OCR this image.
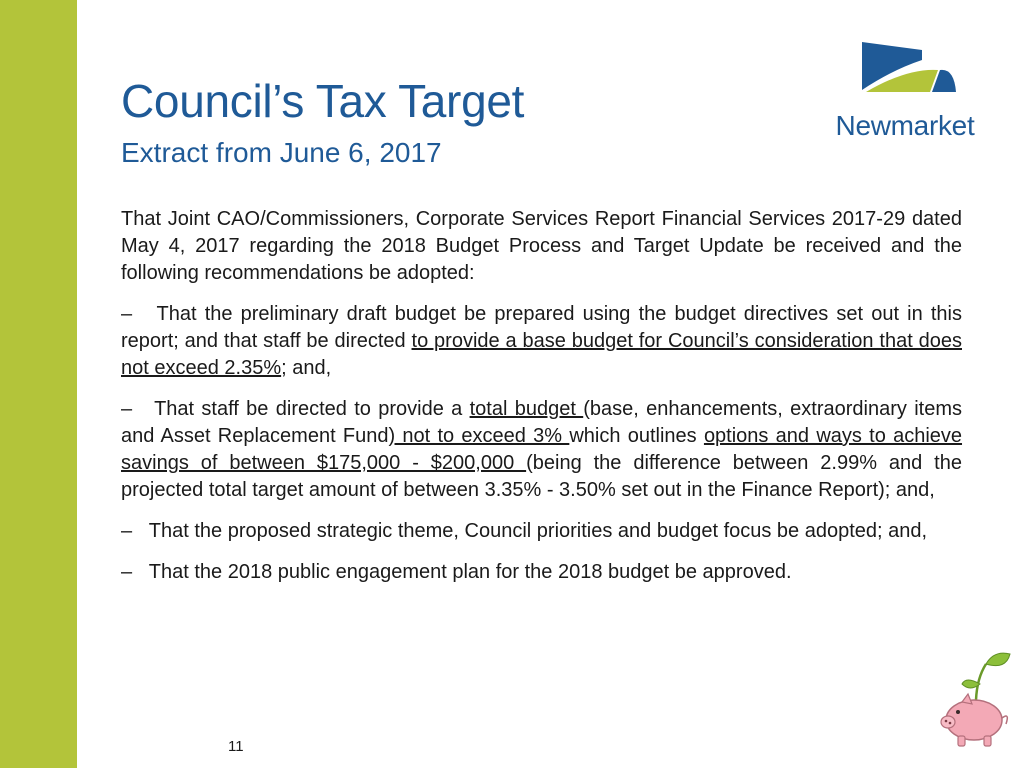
Council’s Tax Target
Extract from June 6, 2017
Newmarket

That Joint CAO/Commissioners, Corporate Services Report Financial Services 2017-29 dated May 4, 2017 regarding the 2018 Budget Process and Target Update be received and the following recommendations be adopted:

– That the preliminary draft budget be prepared using the budget directives set out in this report; and that staff be directed to provide a base budget for Council’s consideration that does not exceed 2.35%; and,

– That staff be directed to provide a total budget (base, enhancements, extraordinary items and Asset Replacement Fund) not to exceed 3% which outlines options and ways to achieve savings of between $175,000 - $200,000 (being the difference between 2.99% and the projected total target amount of between 3.35% - 3.50% set out in the Finance Report); and,

– That the proposed strategic theme, Council priorities and budget focus be adopted; and,

– That the 2018 public engagement plan for the 2018 budget be approved.

11
